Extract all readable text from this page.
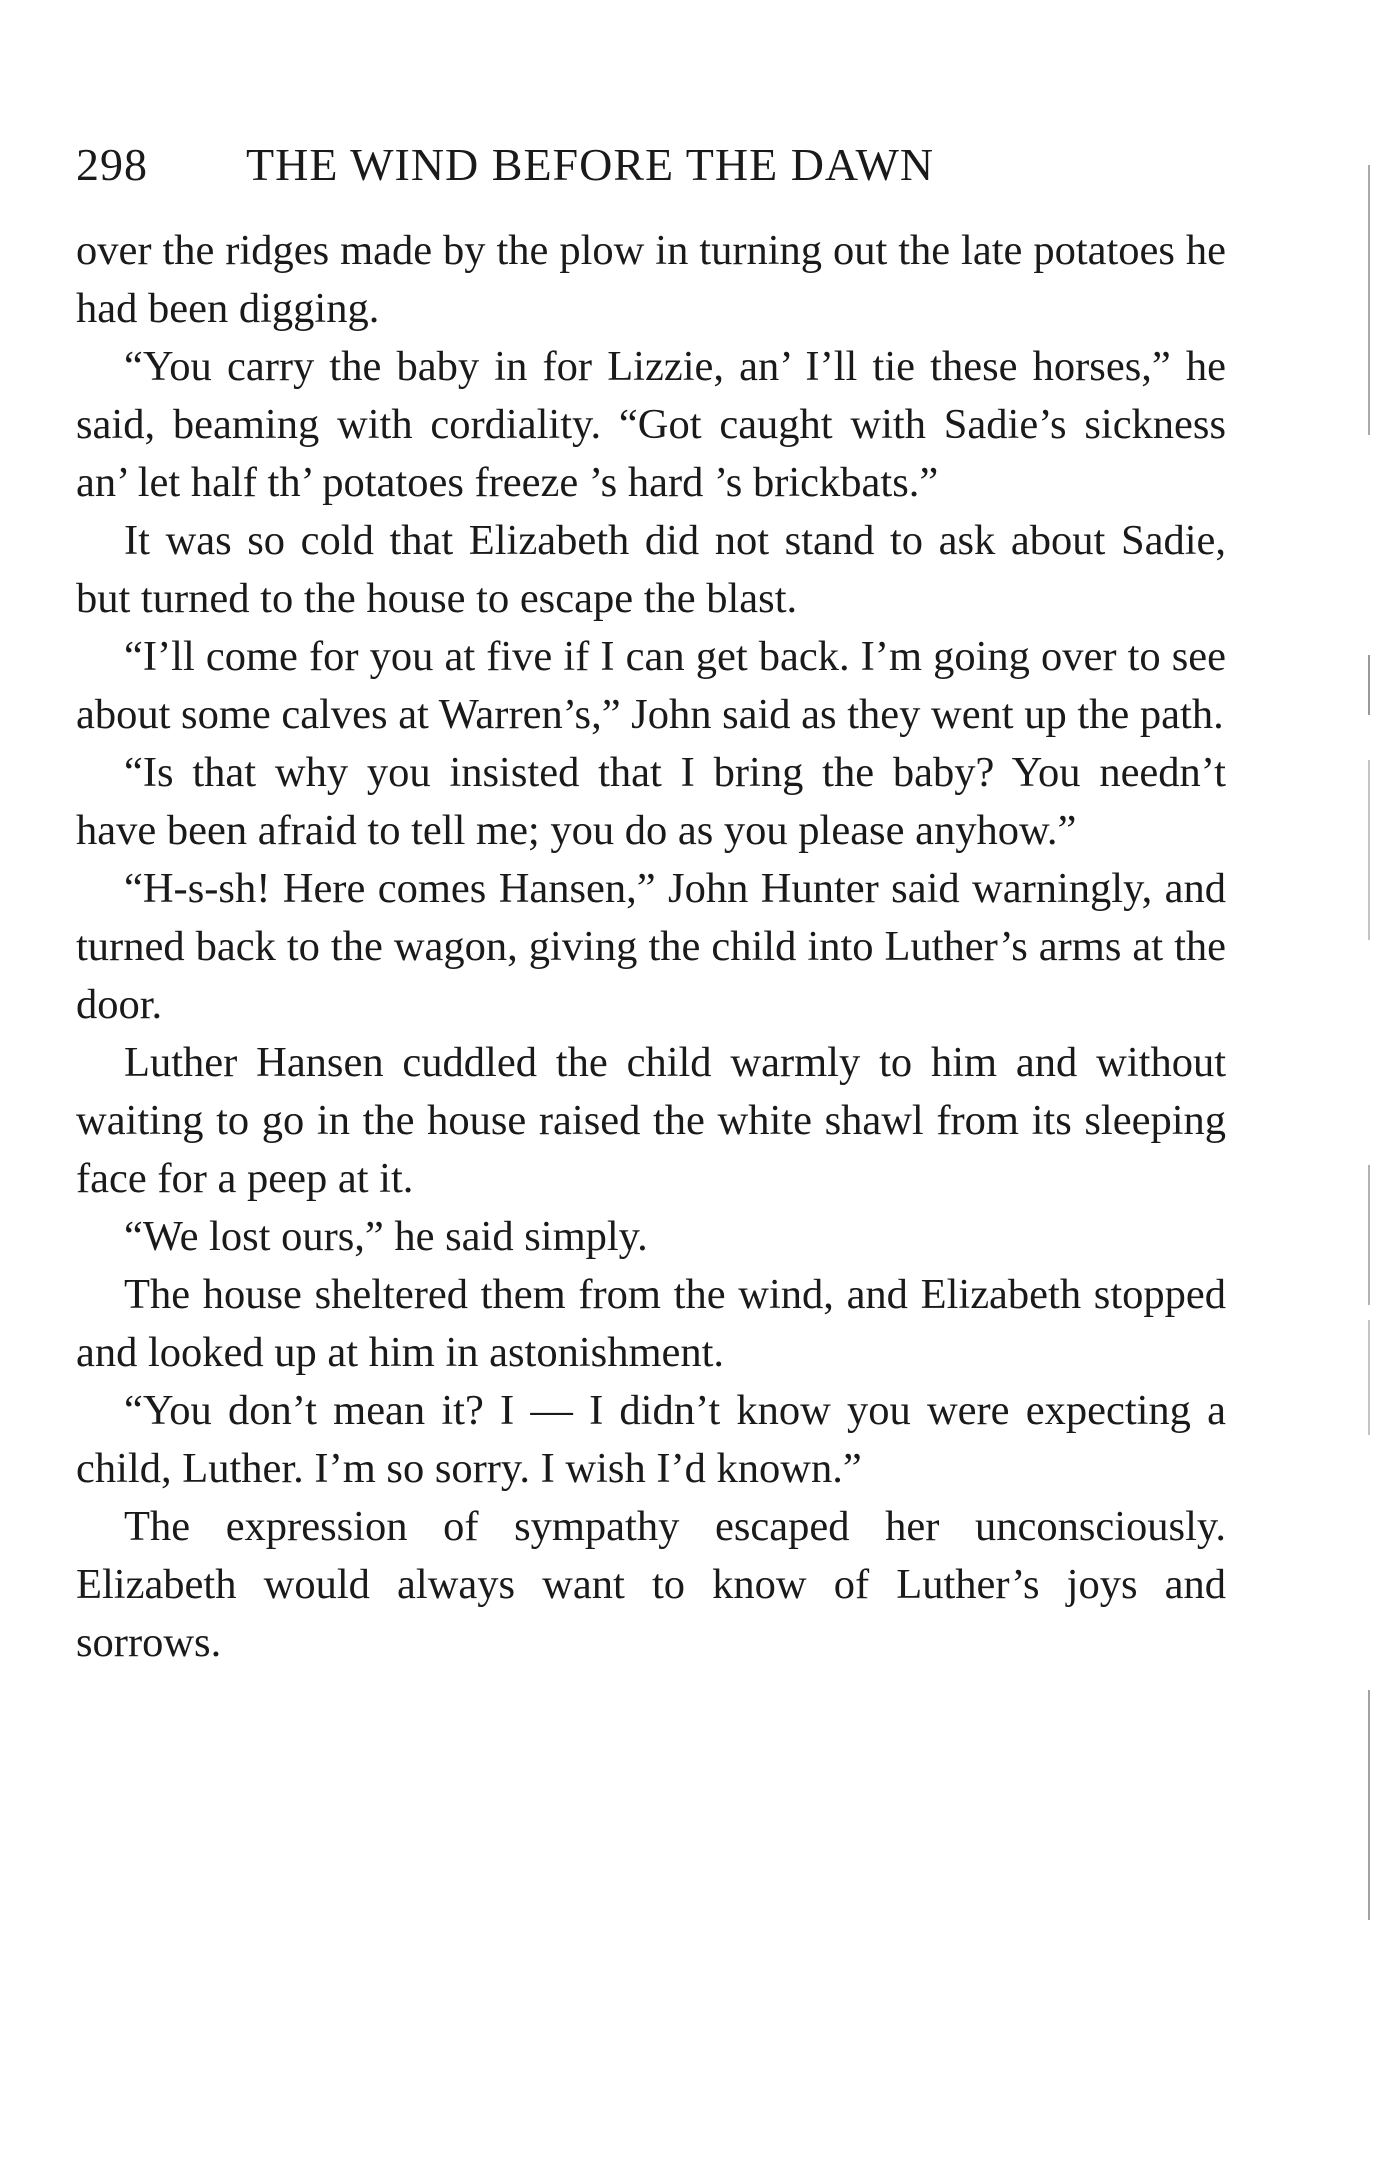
298 THE WIND BEFORE THE DAWN

over the ridges made by the plow in turning out the late potatoes he had been digging.

“You carry the baby in for Lizzie, an’ I’ll tie these horses,” he said, beaming with cordiality. “Got caught with Sadie’s sickness an’ let half th’ potatoes freeze ’s hard ’s brickbats.”

It was so cold that Elizabeth did not stand to ask about Sadie, but turned to the house to escape the blast.

“I’ll come for you at five if I can get back. I’m going over to see about some calves at Warren’s,” John said as they went up the path.

“Is that why you insisted that I bring the baby? You needn’t have been afraid to tell me; you do as you please anyhow.”

“H-s-sh! Here comes Hansen,” John Hunter said warningly, and turned back to the wagon, giving the child into Luther’s arms at the door.

Luther Hansen cuddled the child warmly to him and without waiting to go in the house raised the white shawl from its sleeping face for a peep at it.

“We lost ours,” he said simply.

The house sheltered them from the wind, and Elizabeth stopped and looked up at him in astonishment.

“You don’t mean it? I — I didn’t know you were expecting a child, Luther. I’m so sorry. I wish I’d known.”

The expression of sympathy escaped her unconsciously. Elizabeth would always want to know of Luther’s joys and sorrows.
